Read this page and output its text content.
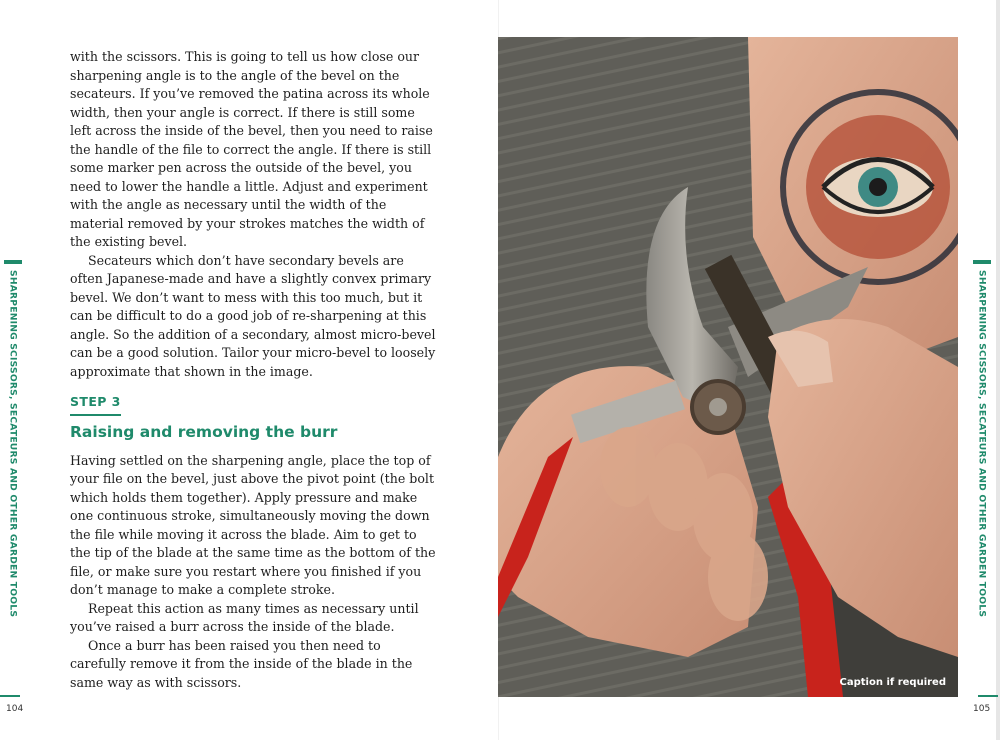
SHARPENING SCISSORS, SECATEURS AND OTHER GARDEN TOOLS	SHARPENING SCISSORS, SECATEURS AND OTHER GARDEN TOOLS
104	105

with the scissors. This is going to tell us how close our sharpening angle is to the angle of the bevel on the secateurs. If you’ve removed the patina across its whole width, then your angle is correct. If there is still some left across the inside of the bevel, then you need to raise the handle of the file to correct the angle. If there is still some marker pen across the outside of the bevel, you need to lower the handle a little. Adjust and experiment with the angle as necessary until the width of the material removed by your strokes matches the width of the existing bevel.

Secateurs which don’t have secondary bevels are often Japanese-made and have a slightly convex primary bevel. We don’t want to mess with this too much, but it can be difficult to do a good job of re-sharpening at this angle. So the addition of a secondary, almost micro-bevel can be a good solution. Tailor your micro-bevel to loosely approximate that shown in the image.

STEP 3
Raising and removing the burr

Having settled on the sharpening angle, place the top of your file on the bevel, just above the pivot point (the bolt which holds them together). Apply pressure and make one continuous stroke, simultaneously moving the down the file while moving it across the blade. Aim to get to the tip of the blade at the same time as the bottom of the file, or make sure you restart where you finished if you don’t manage to make a complete stroke.

Repeat this action as many times as necessary until you’ve raised a burr across the inside of the blade.

Once a burr has been raised you then need to carefully remove it from the inside of the blade in the same way as with scissors.	Caption if required
